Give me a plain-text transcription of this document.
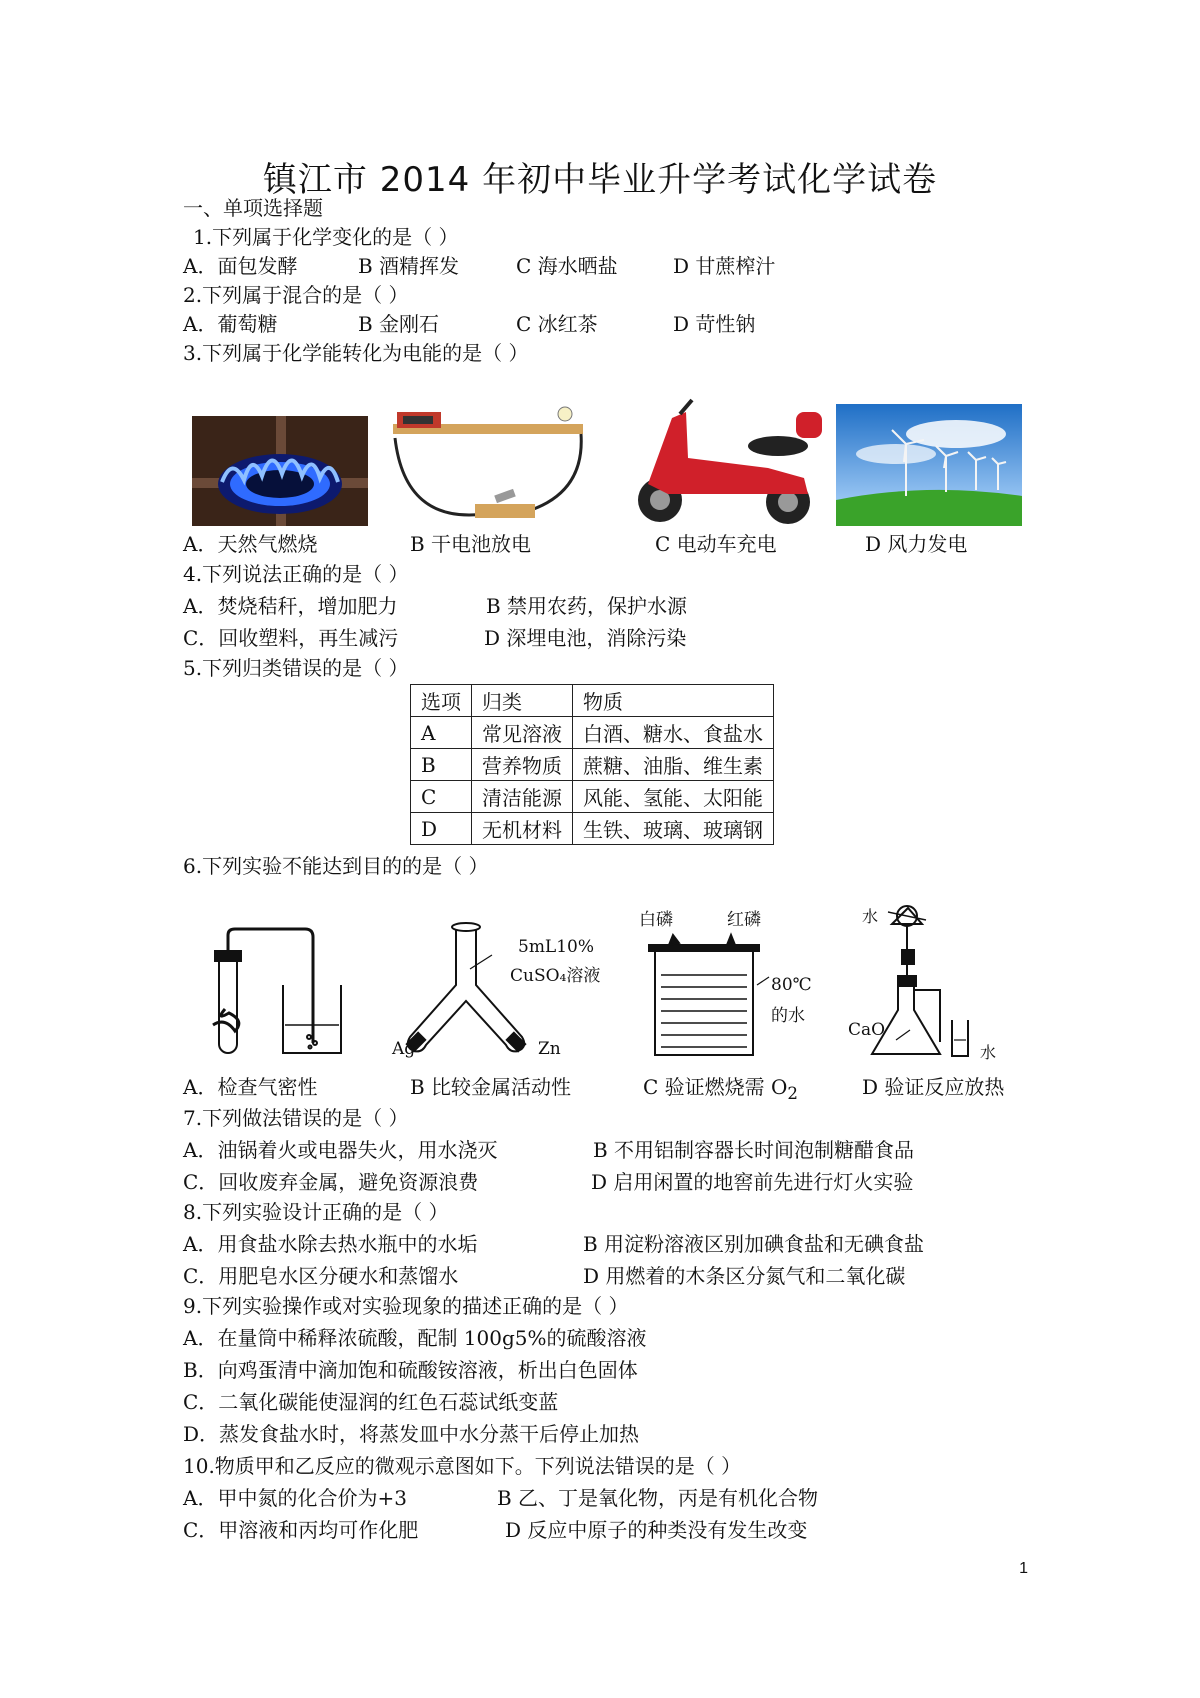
镇江市 2014 年初中毕业升学考试化学试卷
一、单项选择题
1.下列属于化学变化的是（ ）
A．面包发酵	B 酒精挥发	C 海水晒盐	D 甘蔗榨汁
2.下列属于混合的是（ ）
A．葡萄糖	B 金刚石	C 冰红茶	D 苛性钠
3.下列属于化学能转化为电能的是（ ）
A．天然气燃烧	B 干电池放电	C 电动车充电	D 风力发电
4.下列说法正确的是（ ）
A．焚烧秸秆，增加肥力	B 禁用农药，保护水源
C．回收塑料，再生减污	D 深埋电池，消除污染
5.下列归类错误的是（ ）
选项	归类	物质
A	常见溶液	白酒、糖水、食盐水
B	营养物质	蔗糖、油脂、维生素
C	清洁能源	风能、氢能、太阳能
D	无机材料	生铁、玻璃、玻璃钢
6.下列实验不能达到目的的是（ ）
5mL10%
CuSO₄溶液
Ag	Zn
白磷	红磷
80℃
的水
水
CaO
水
A．检查气密性	B 比较金属活动性	C 验证燃烧需 $O_2$	D 验证反应放热
7.下列做法错误的是（ ）
A．油锅着火或电器失火，用水浇灭	B 不用铝制容器长时间泡制糖醋食品
C．回收废弃金属，避免资源浪费	D 启用闲置的地窖前先进行灯火实验
8.下列实验设计正确的是（ ）
A．用食盐水除去热水瓶中的水垢	B 用淀粉溶液区别加碘食盐和无碘食盐
C．用肥皂水区分硬水和蒸馏水	D 用燃着的木条区分氮气和二氧化碳
9.下列实验操作或对实验现象的描述正确的是（ ）
A．在量筒中稀释浓硫酸，配制 100g5%的硫酸溶液
B．向鸡蛋清中滴加饱和硫酸铵溶液，析出白色固体
C．二氧化碳能使湿润的红色石蕊试纸变蓝
D．蒸发食盐水时，将蒸发皿中水分蒸干后停止加热
10.物质甲和乙反应的微观示意图如下。下列说法错误的是（ ）
A．甲中氮的化合价为+3	B 乙、丁是氧化物，丙是有机化合物
C．甲溶液和丙均可作化肥	D 反应中原子的种类没有发生改变
1
